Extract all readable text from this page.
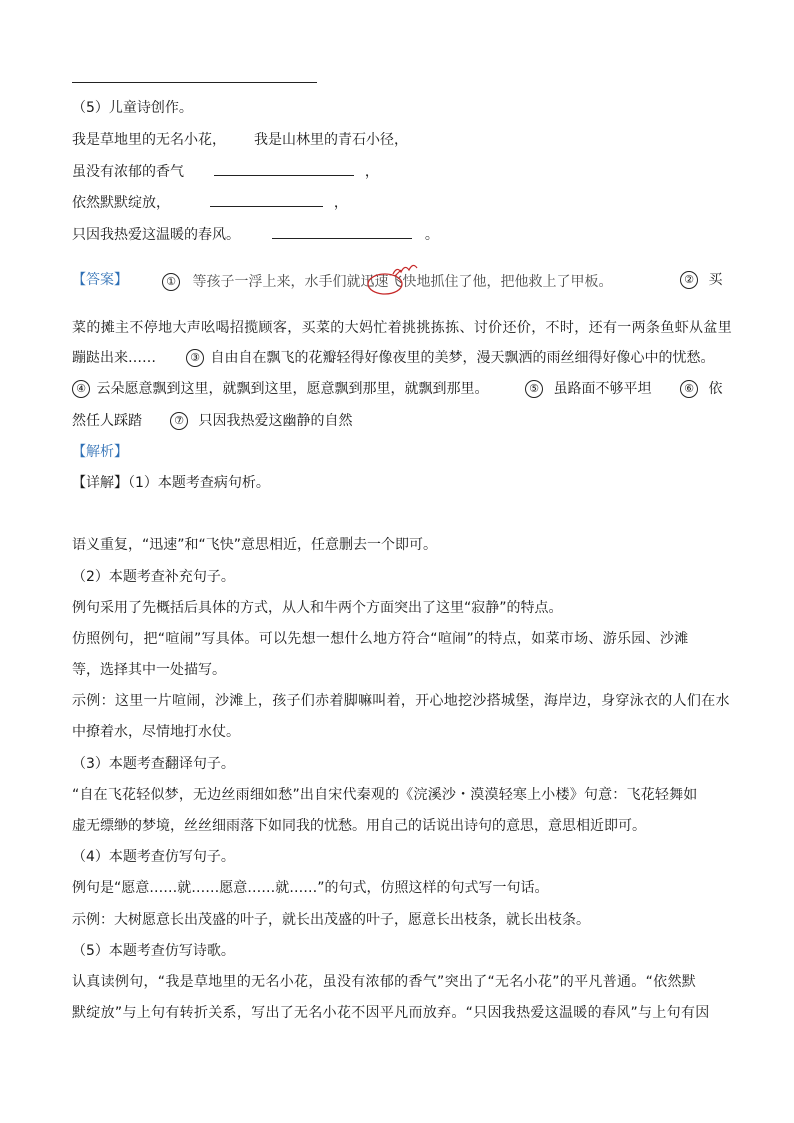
（5）儿童诗创作。
我是草地里的无名小花， 我是山林里的青石小径，
虽没有浓郁的香气	，
依然默默绽放，	，
只因我热爱这温暖的春风。	。
【答案】	① 等孩子一浮上来，水手们就迅速飞快地抓住了他，把他救上了甲板。	② 买
菜的摊主不停地大声吆喝招揽顾客，买菜的大妈忙着挑挑拣拣、讨价还价，不时，还有一两条鱼虾从盆里
蹦跶出来……	③ 自由自在飘飞的花瓣轻得好像夜里的美梦，漫天飘洒的雨丝细得好像心中的忧愁。
④ 云朵愿意飘到这里，就飘到这里，愿意飘到那里，就飘到那里。	⑤ 虽路面不够平坦	⑥ 依
然任人踩踏	⑦ 只因我热爱这幽静的自然
【解析】
【详解】（1）本题考查病句析。
语义重复，“迅速”和“飞快”意思相近，任意删去一个即可。
（2）本题考查补充句子。
例句采用了先概括后具体的方式，从人和牛两个方面突出了这里“寂静”的特点。
仿照例句，把“喧闹”写具体。可以先想一想什么地方符合“喧闹”的特点，如菜市场、游乐园、沙滩
等，选择其中一处描写。
示例：这里一片喧闹，沙滩上，孩子们赤着脚嘛叫着，开心地挖沙搭城堡，海岸边，身穿泳衣的人们在水
中撩着水，尽情地打水仗。
（3）本题考查翻译句子。
“自在飞花轻似梦，无边丝雨细如愁”出自宋代秦观的《浣溪沙・漠漠轻寒上小楼》句意：飞花轻舞如
虚无缥缈的梦境，丝丝细雨落下如同我的忧愁。用自己的话说出诗句的意思，意思相近即可。
（4）本题考查仿写句子。
例句是“愿意……就……愿意……就……”的句式，仿照这样的句式写一句话。
示例：大树愿意长出茂盛的叶子，就长出茂盛的叶子，愿意长出枝条，就长出枝条。
（5）本题考查仿写诗歌。
认真读例句，“我是草地里的无名小花，虽没有浓郁的香气”突出了“无名小花”的平凡普通。“依然默
默绽放”与上句有转折关系，写出了无名小花不因平凡而放弃。“只因我热爱这温暖的春风”与上句有因
